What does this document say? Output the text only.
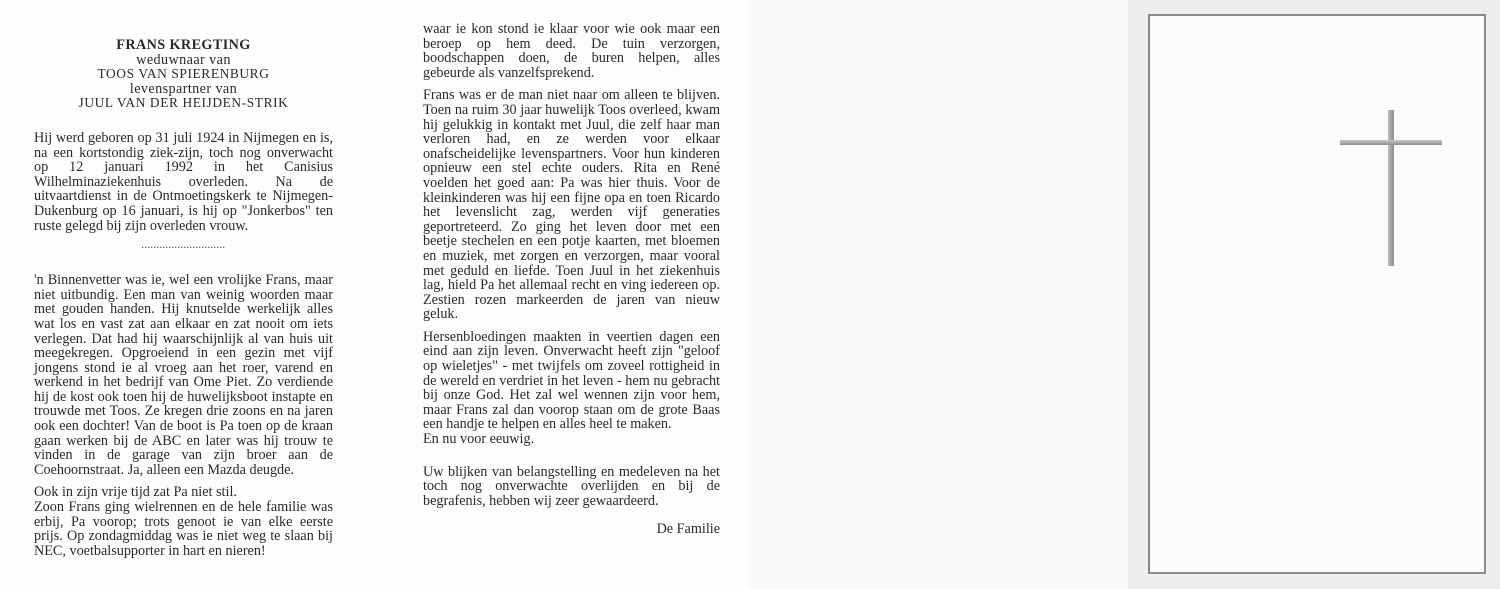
FRANS KREGTING
weduwnaar van
TOOS VAN SPIERENBURG
levenspartner van
JUUL VAN DER HEIJDEN-STRIK

Hij werd geboren op 31 juli 1924 in Nijmegen en is, na een kortstondig ziek-zijn, toch nog onverwacht op 12 januari 1992 in het Canisius Wilhelminaziekenhuis overleden. Na de uitvaartdienst in de Ontmoetingskerk te Nijmegen-Dukenburg op 16 januari, is hij op "Jonkerbos" ten ruste gelegd bij zijn overleden vrouw.

............................

'n Binnenvetter was ie, wel een vrolijke Frans, maar niet uitbundig. Een man van weinig woorden maar met gouden handen. Hij knutselde werkelijk alles wat los en vast zat aan elkaar en zat nooit om iets verlegen. Dat had hij waarschijnlijk al van huis uit meegekregen. Opgroeiend in een gezin met vijf jongens stond ie al vroeg aan het roer, varend en werkend in het bedrijf van Ome Piet. Zo verdiende hij de kost ook toen hij de huwelijksboot instapte en trouwde met Toos. Ze kregen drie zoons en na jaren ook een dochter! Van de boot is Pa toen op de kraan gaan werken bij de ABC en later was hij trouw te vinden in de garage van zijn broer aan de Coehoornstraat. Ja, alleen een Mazda deugde.

Ook in zijn vrije tijd zat Pa niet stil.

Zoon Frans ging wielrennen en de hele familie was erbij, Pa voorop; trots genoot ie van elke eerste prijs. Op zondagmiddag was ie niet weg te slaan bij NEC, voetbalsupporter in hart en nieren!

waar ie kon stond ie klaar voor wie ook maar een beroep op hem deed. De tuin verzorgen, boodschappen doen, de buren helpen, alles gebeurde als vanzelfsprekend.

Frans was er de man niet naar om alleen te blijven. Toen na ruim 30 jaar huwelijk Toos overleed, kwam hij gelukkig in kontakt met Juul, die zelf haar man verloren had, en ze werden voor elkaar onafscheidelijke levenspartners. Voor hun kinderen opnieuw een stel echte ouders. Rita en René voelden het goed aan: Pa was hier thuis. Voor de kleinkinderen was hij een fijne opa en toen Ricardo het levenslicht zag, werden vijf generaties geportreteerd. Zo ging het leven door met een beetje stechelen en een potje kaarten, met bloemen en muziek, met zorgen en verzorgen, maar vooral met geduld en liefde. Toen Juul in het ziekenhuis lag, hield Pa het allemaal recht en ving iedereen op. Zestien rozen markeerden de jaren van nieuw geluk.

Hersenbloedingen maakten in veertien dagen een eind aan zijn leven. Onverwacht heeft zijn "geloof op wieletjes" - met twijfels om zoveel rottigheid in de wereld en verdriet in het leven - hem nu gebracht bij onze God. Het zal wel wennen zijn voor hem, maar Frans zal dan voorop staan om de grote Baas een handje te helpen en alles heel te maken.

En nu voor eeuwig.

Uw blijken van belangstelling en medeleven na het toch nog onverwachte overlijden en bij de begrafenis, hebben wij zeer gewaardeerd.

De Familie
